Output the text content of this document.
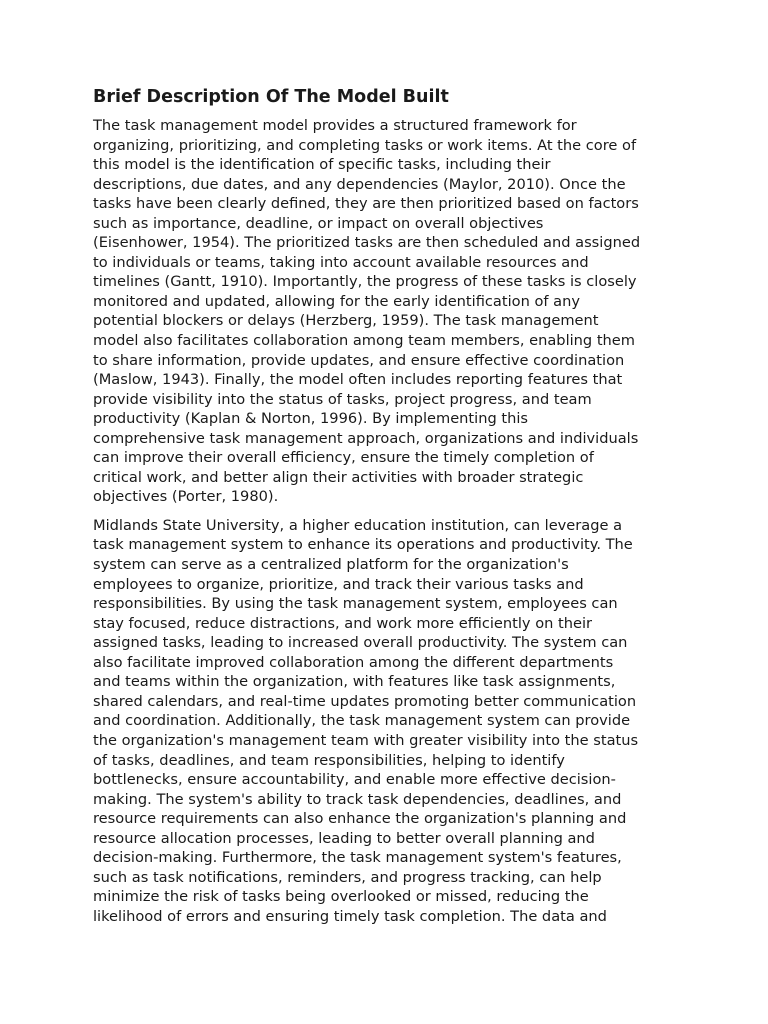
Brief Description Of The Model Built

The task management model provides a structured framework for
organizing, prioritizing, and completing tasks or work items. At the core of
this model is the identification of specific tasks, including their
descriptions, due dates, and any dependencies (Maylor, 2010). Once the
tasks have been clearly defined, they are then prioritized based on factors
such as importance, deadline, or impact on overall objectives
(Eisenhower, 1954). The prioritized tasks are then scheduled and assigned
to individuals or teams, taking into account available resources and
timelines (Gantt, 1910). Importantly, the progress of these tasks is closely
monitored and updated, allowing for the early identification of any
potential blockers or delays (Herzberg, 1959). The task management
model also facilitates collaboration among team members, enabling them
to share information, provide updates, and ensure effective coordination
(Maslow, 1943). Finally, the model often includes reporting features that
provide visibility into the status of tasks, project progress, and team
productivity (Kaplan & Norton, 1996). By implementing this
comprehensive task management approach, organizations and individuals
can improve their overall efficiency, ensure the timely completion of
critical work, and better align their activities with broader strategic
objectives (Porter, 1980).

Midlands State University, a higher education institution, can leverage a
task management system to enhance its operations and productivity. The
system can serve as a centralized platform for the organization's
employees to organize, prioritize, and track their various tasks and
responsibilities. By using the task management system, employees can
stay focused, reduce distractions, and work more efficiently on their
assigned tasks, leading to increased overall productivity. The system can
also facilitate improved collaboration among the different departments
and teams within the organization, with features like task assignments,
shared calendars, and real-time updates promoting better communication
and coordination. Additionally, the task management system can provide
the organization's management team with greater visibility into the status
of tasks, deadlines, and team responsibilities, helping to identify
bottlenecks, ensure accountability, and enable more effective decision-
making. The system's ability to track task dependencies, deadlines, and
resource requirements can also enhance the organization's planning and
resource allocation processes, leading to better overall planning and
decision-making. Furthermore, the task management system's features,
such as task notifications, reminders, and progress tracking, can help
minimize the risk of tasks being overlooked or missed, reducing the
likelihood of errors and ensuring timely task completion. The data and
